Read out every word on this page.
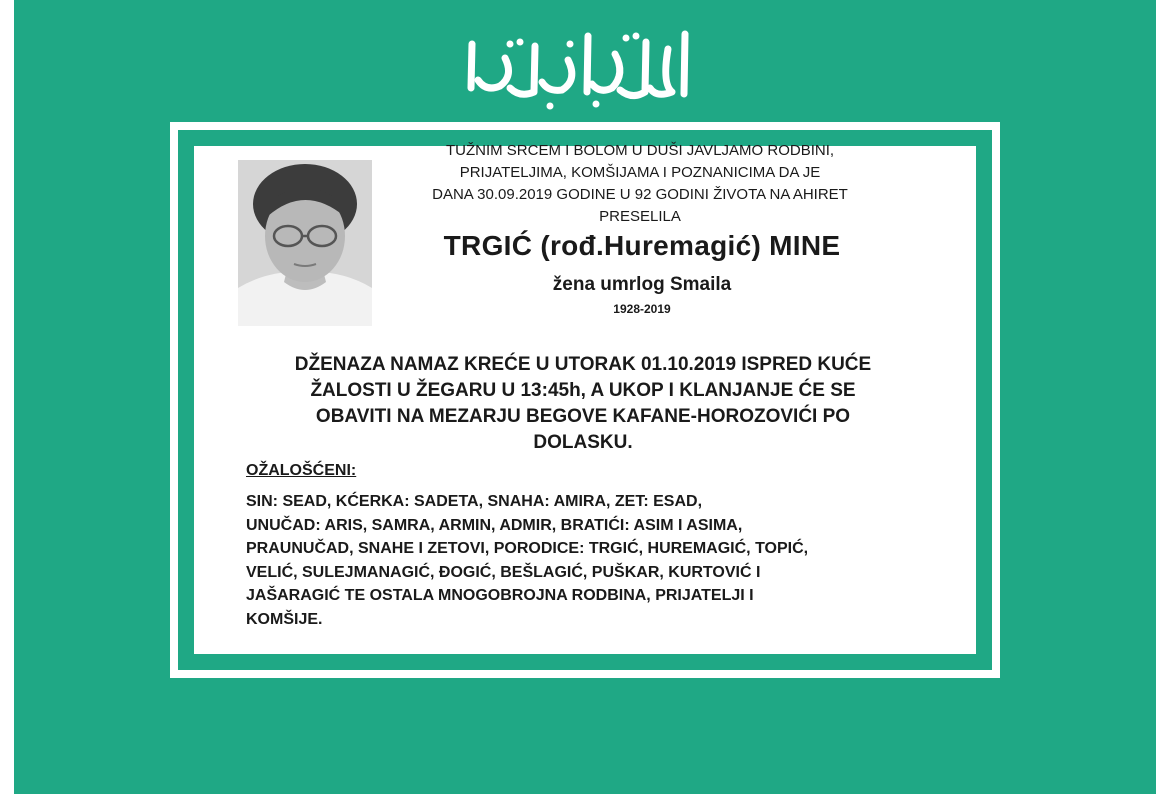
TUŽNIM SRCEM I BOLOM U DUŠI JAVLJAMO RODBINI,
PRIJATELJIMA, KOMŠIJAMA I POZNANICIMA DA JE
DANA 30.09.2019 GODINE U 92 GODINI ŽIVOTA NA AHIRET
PRESELILA
TRGIĆ (rođ.Huremagić) MINE
žena umrlog Smaila
1928-2019
DŽENAZA NAMAZ KREĆE U UTORAK 01.10.2019 ISPRED KUĆE
ŽALOSTI U ŽEGARU U 13:45h, A UKOP I KLANJANJE ĆE SE
OBAVITI NA MEZARJU BEGOVE KAFANE-HOROZOVIĆI PO
DOLASKU.
OŽALOŠĆENI:

SIN: SEAD, KĆERKA: SADETA, SNAHA: AMIRA, ZET: ESAD,
UNUČAD: ARIS, SAMRA, ARMIN, ADMIR, BRATIĆI: ASIM I ASIMA,
PRAUNUČAD, SNAHE I ZETOVI, PORODICE: TRGIĆ, HUREMAGIĆ, TOPIĆ,
VELIĆ, SULEJMANAGIĆ, ĐOGIĆ, BEŠLAGIĆ, PUŠKAR, KURTOVIĆ I
JAŠARAGIĆ TE OSTALA MNOGOBROJNA RODBINA, PRIJATELJI I
KOMŠIJE.
